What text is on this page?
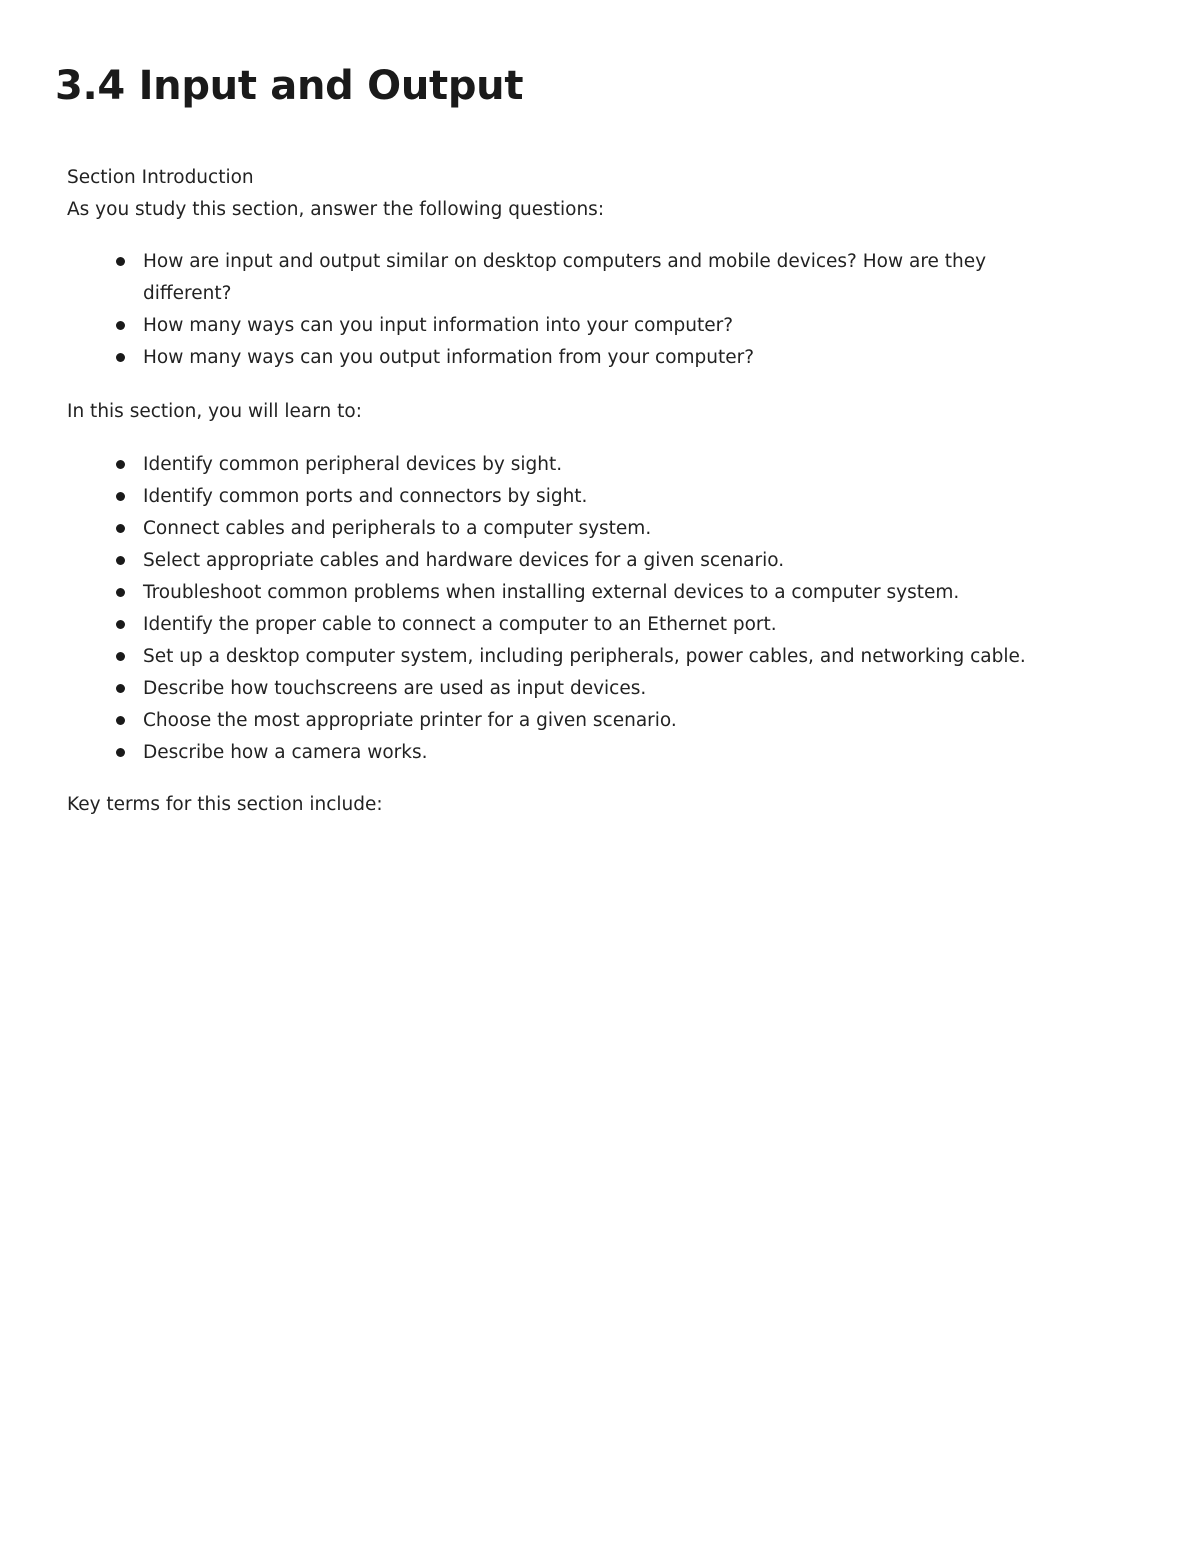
3.4 Input and Output
Section Introduction
As you study this section, answer the following questions:
How are input and output similar on desktop computers and mobile devices? How are they different?
How many ways can you input information into your computer?
How many ways can you output information from your computer?
In this section, you will learn to:
Identify common peripheral devices by sight.
Identify common ports and connectors by sight.
Connect cables and peripherals to a computer system.
Select appropriate cables and hardware devices for a given scenario.
Troubleshoot common problems when installing external devices to a computer system.
Identify the proper cable to connect a computer to an Ethernet port.
Set up a desktop computer system, including peripherals, power cables, and networking cable.
Describe how touchscreens are used as input devices.
Choose the most appropriate printer for a given scenario.
Describe how a camera works.
Key terms for this section include:
